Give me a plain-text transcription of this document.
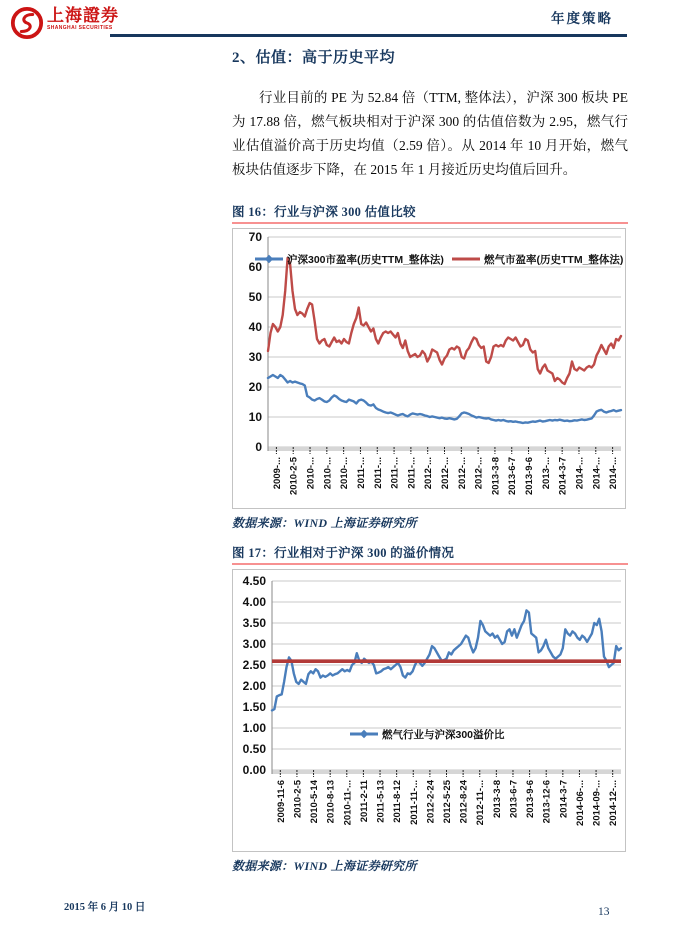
上海證券
SHANGHAI SECURITIES
年度策略
2、估值：高于历史平均

行业目前的 PE 为 52.84 倍（TTM, 整体法），沪深 300 板块 PE 为 17.88 倍，燃气板块相对于沪深 300 的估值倍数为 2.95，燃气行业估值溢价高于历史均值（2.59 倍）。从 2014 年 10 月开始，燃气板块估值逐步下降，在 2015 年 1 月接近历史均值后回升。

图 16：行业与沪深 300 估值比较
70
60
50
40
30
20
10
0
2009-... 2010-2-5 2010-... 2010-... 2010-... 2011-... 2011-... 2011-... 2011-... 2012-... 2012-... 2012-... 2012-... 2013-3-8 2013-6-7 2013-9-6 2013-... 2014-3-7 2014-... 2014-... 2014-...
沪深300市盈率(历史TTM_整体法)	燃气市盈率(历史TTM_整体法)
数据来源：WIND 上海证券研究所
图 17：行业相对于沪深 300 的溢价情况
4.50
4.00
3.50
3.00
2.50
2.00
1.50
1.00
0.50
0.00
2009-11-6 2010-2-5 2010-5-14 2010-8-13 2010-11-... 2011-2-11 2011-5-13 2011-8-12 2011-11-... 2012-2-24 2012-5-25 2012-8-24 2012-11-... 2013-3-8 2013-6-7 2013-9-6 2013-12-6 2014-3-7 2014-06-... 2014-09-... 2014-12-...
燃气行业与沪深300溢价比
数据来源：WIND 上海证券研究所
2015 年 6 月 10 日	13
